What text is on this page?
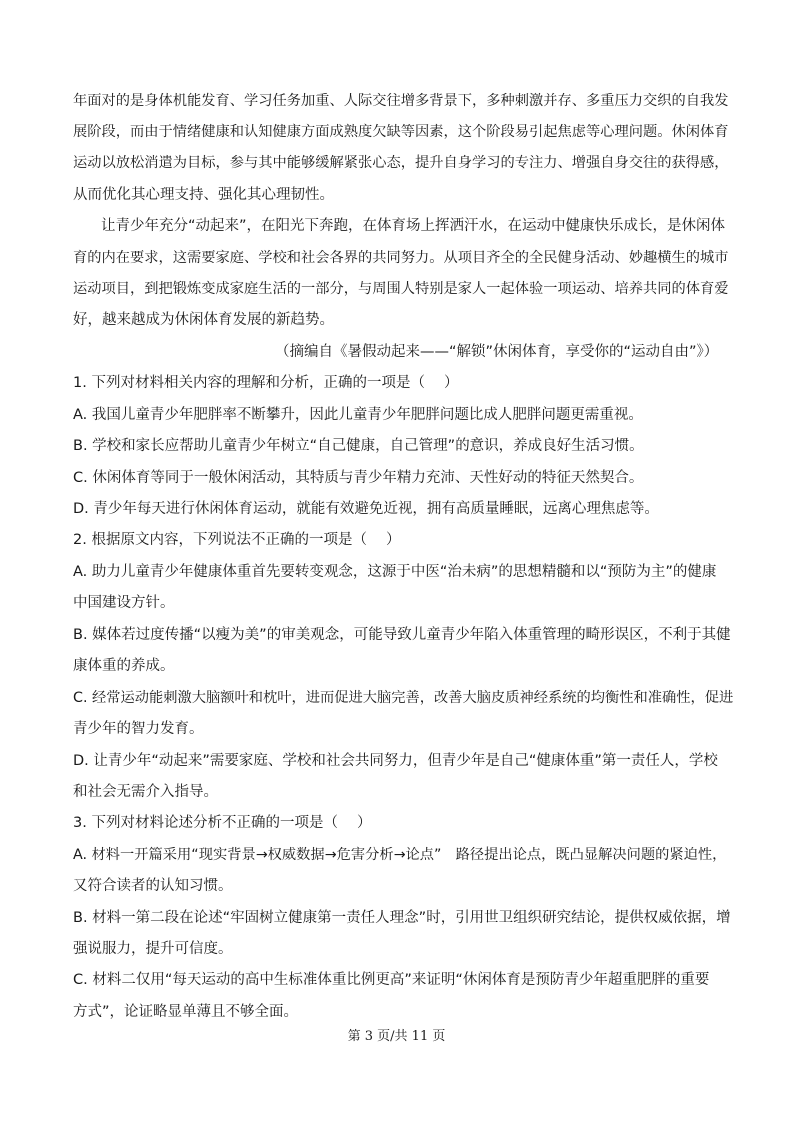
年面对的是身体机能发育、学习任务加重、人际交往增多背景下，多种刺激并存、多重压力交织的自我发
展阶段，而由于情绪健康和认知健康方面成熟度欠缺等因素，这个阶段易引起焦虑等心理问题。休闲体育
运动以放松消遣为目标，参与其中能够缓解紧张心态，提升自身学习的专注力、增强自身交往的获得感，
从而优化其心理支持、强化其心理韧性。
让青少年充分“动起来”，在阳光下奔跑，在体育场上挥洒汗水，在运动中健康快乐成长，是休闲体
育的内在要求，这需要家庭、学校和社会各界的共同努力。从项目齐全的全民健身活动、妙趣横生的城市
运动项目，到把锻炼变成家庭生活的一部分，与周围人特别是家人一起体验一项运动、培养共同的体育爱
好，越来越成为休闲体育发展的新趋势。
（摘编自《暑假动起来——“解锁”休闲体育，享受你的“运动自由”》）
1. 下列对材料相关内容的理解和分析，正确的一项是（　 ）
A. 我国儿童青少年肥胖率不断攀升，因此儿童青少年肥胖问题比成人肥胖问题更需重视。
B. 学校和家长应帮助儿童青少年树立“自己健康，自己管理”的意识，养成良好生活习惯。
C. 休闲体育等同于一般休闲活动，其特质与青少年精力充沛、天性好动的特征天然契合。
D. 青少年每天进行休闲体育运动，就能有效避免近视，拥有高质量睡眠，远离心理焦虑等。
2. 根据原文内容，下列说法不正确的一项是（　 ）
A. 助力儿童青少年健康体重首先要转变观念，这源于中医“治未病”的思想精髓和以“预防为主”的健康
中国建设方针。
B. 媒体若过度传播“以瘦为美”的审美观念，可能导致儿童青少年陷入体重管理的畸形误区，不利于其健
康体重的养成。
C. 经常运动能刺激大脑额叶和枕叶，进而促进大脑完善，改善大脑皮质神经系统的均衡性和准确性，促进
青少年的智力发育。
D. 让青少年“动起来”需要家庭、学校和社会共同努力，但青少年是自己“健康体重”第一责任人，学校
和社会无需介入指导。
3. 下列对材料论述分析不正确的一项是（　 ）
A. 材料一开篇采用“现实背景→权威数据→危害分析→论点”　路径提出论点，既凸显解决问题的紧迫性，
又符合读者的认知习惯。
B. 材料一第二段在论述“牢固树立健康第一责任人理念”时，引用世卫组织研究结论，提供权威依据，增
强说服力，提升可信度。
C. 材料二仅用“每天运动的高中生标准体重比例更高”来证明“休闲体育是预防青少年超重肥胖的重要
方式”，论证略显单薄且不够全面。
第 3 页/共 11 页
